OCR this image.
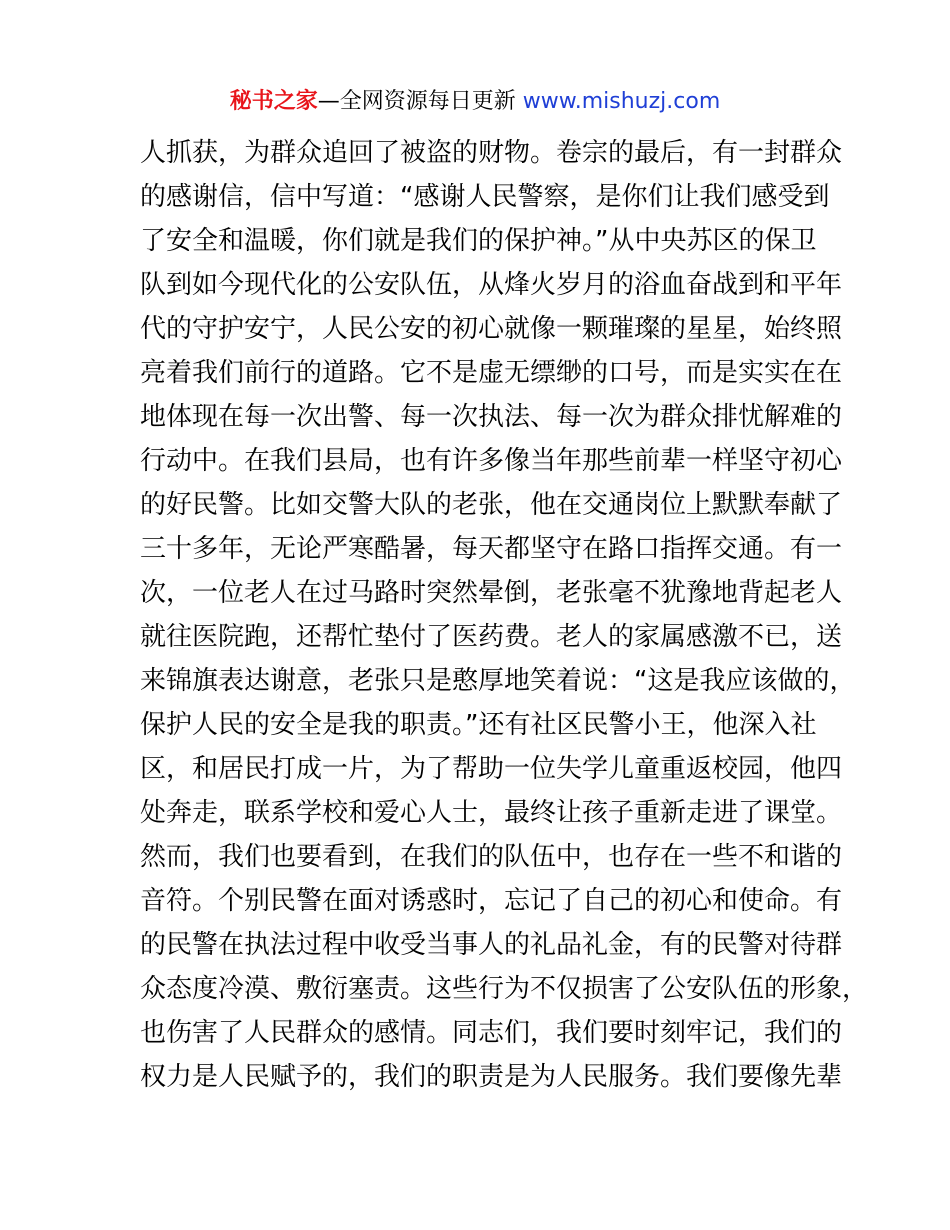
秘书之家—全网资源每日更新 www.mishuzj.com
人抓获，为群众追回了被盗的财物。卷宗的最后，有一封群众
的感谢信，信中写道：“感谢人民警察，是你们让我们感受到
了安全和温暖，你们就是我们的保护神。”从中央苏区的保卫
队到如今现代化的公安队伍，从烽火岁月的浴血奋战到和平年
代的守护安宁，人民公安的初心就像一颗璀璨的星星，始终照
亮着我们前行的道路。它不是虚无缥缈的口号，而是实实在在
地体现在每一次出警、每一次执法、每一次为群众排忧解难的
行动中。在我们县局，也有许多像当年那些前辈一样坚守初心
的好民警。比如交警大队的老张，他在交通岗位上默默奉献了
三十多年，无论严寒酷暑，每天都坚守在路口指挥交通。有一
次，一位老人在过马路时突然晕倒，老张毫不犹豫地背起老人
就往医院跑，还帮忙垫付了医药费。老人的家属感激不已，送
来锦旗表达谢意，老张只是憨厚地笑着说：“这是我应该做的，
保护人民的安全是我的职责。”还有社区民警小王，他深入社
区，和居民打成一片，为了帮助一位失学儿童重返校园，他四
处奔走，联系学校和爱心人士，最终让孩子重新走进了课堂。
然而，我们也要看到，在我们的队伍中，也存在一些不和谐的
音符。个别民警在面对诱惑时，忘记了自己的初心和使命。有
的民警在执法过程中收受当事人的礼品礼金，有的民警对待群
众态度冷漠、敷衍塞责。这些行为不仅损害了公安队伍的形象，
也伤害了人民群众的感情。同志们，我们要时刻牢记，我们的
权力是人民赋予的，我们的职责是为人民服务。我们要像先辈
